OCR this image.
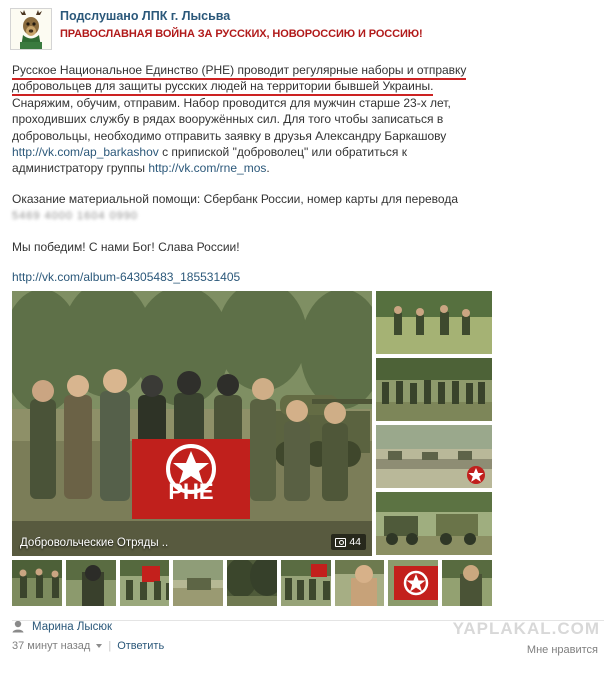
Подслушано ЛПК г. Лысьва
ПРАВОСЛАВНАЯ ВОЙНА ЗА РУССКИХ, НОВОРОССИЮ И РОССИЮ!

Русское Национальное Единство (РНЕ) проводит регулярные наборы и отправку добровольцев для защиты русских людей на территории бывшей Украины. Снаряжим, обучим, отправим. Набор проводится для мужчин старше 23-х лет, проходивших службу в рядах вооружённых сил. Для того чтобы записаться в добровольцы, необходимо отправить заявку в друзья Александру Баркашову http://vk.com/ap_barkashov с припиской "доброволец" или обратиться к администратору группы http://vk.com/rne_mos.

Оказание материальной помощи: Сбербанк России, номер карты для перевода

5469 4000 1604 0990

Мы победим! С нами Бог! Слава России!

http://vk.com/album-64305483_185531405
РНЕ
Добровольческие Отряды ..	44
YAPLAKAL.COM
Марина Лысюк
37 минут назад | Ответить	Мне нравится
